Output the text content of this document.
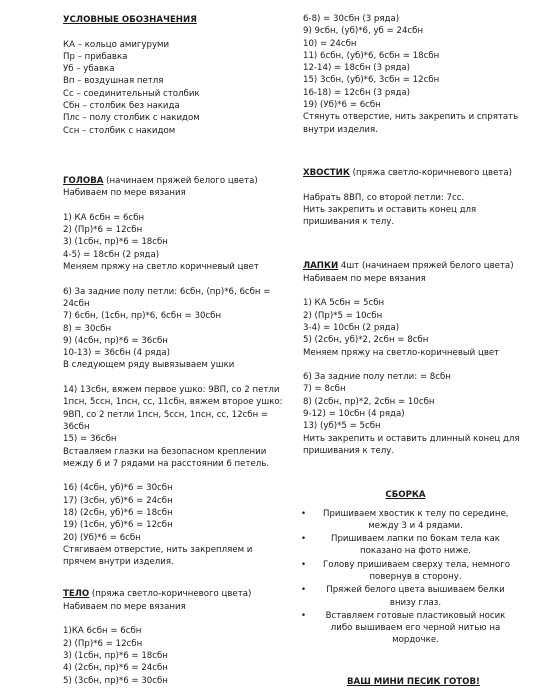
УСЛОВНЫЕ ОБОЗНАЧЕНИЯ
КА – кольцо амигуруми
Пр – прибавка
Уб – убавка
Вп – воздушная петля
Сс – соединительный столбик
Сбн – столбик без накида
Плс – полу столбик с накидом
Ссн – столбик с накидом
ГОЛОВА (начинаем пряжей белого цвета)
Набиваем по мере вязания
1) КА 6сбн = 6сбн
2) (Пр)*6 = 12сбн
3) (1сбн, пр)*6 = 18сбн
4-5) = 18сбн (2 ряда)
Меняем пряжу на светло коричневый цвет
6) За задние полу петли: 6сбн, (пр)*6, 6сбн =
24сбн
7) 6сбн, (1сбн, пр)*6, 6сбн = 30сбн
8) = 30сбн
9) (4сбн, пр)*6 = 36сбн
10-13) = 36сбн (4 ряда)
В следующем ряду вывязываем ушки
14) 13сбн, вяжем первое ушко: 9ВП, со 2 петли
1псн, 5ссн, 1псн, сс, 11сбн, вяжем второе ушко:
9ВП, со 2 петли 1псн, 5ссн, 1псн, сс, 12сбн =
36сбн
15) = 36сбн
Вставляем глазки на безопасном креплении
между 6 и 7 рядами на расстоянии 6 петель.
16) (4сбн, уб)*6 = 30сбн
17) (3сбн, уб)*6 = 24сбн
18) (2сбн, уб)*6 = 18сбн
19) (1сбн, уб)*6 = 12сбн
20) (Уб)*6 = 6сбн
Стягиваем отверстие, нить закрепляем и
прячем внутри изделия.
ТЕЛО (пряжа светло-коричневого цвета)
Набиваем по мере вязания
1)КА 6сбн = 6сбн
2) (Пр)*6 = 12сбн
3) (1сбн, пр)*6 = 18сбн
4) (2сбн, пр)*6 = 24сбн
5) (3сбн, пр)*6 = 30сбн
6-8) = 30сбн (3 ряда)
9) 9сбн, (уб)*6, уб = 24сбн
10) = 24сбн
11) 6сбн, (уб)*6, 6сбн = 18сбн
12-14) = 18сбн (3 ряда)
15) 3сбн, (уб)*6, 3сбн = 12сбн
16-18) = 12сбн (3 ряда)
19) (Уб)*6 = 6сбн
Стянуть отверстие, нить закрепить и спрятать
внутри изделия.
ХВОСТИК (пряжа светло-коричневого цвета)
Набрать 8ВП, со второй петли: 7сс.
Нить закрепить и оставить конец для
пришивания к телу.
ЛАПКИ 4шт (начинаем пряжей белого цвета)
Набиваем по мере вязания
1) КА 5сбн = 5сбн
2) (Пр)*5 = 10сбн
3-4) = 10сбн (2 ряда)
5) (2сбн, уб)*2, 2сбн = 8сбн
Меняем пряжу на светло-коричневый цвет
6) За задние полу петли: = 8сбн
7) = 8сбн
8) (2сбн, пр)*2, 2сбн = 10сбн
9-12) = 10сбн (4 ряда)
13) (уб)*5 = 5сбн
Нить закрепить и оставить длинный конец для
пришивания к телу.
СБОРКА
• Пришиваем хвостик к телу по середине,
между 3 и 4 рядами.
• Пришиваем лапки по бокам тела как
показано на фото ниже.
• Голову пришиваем сверху тела, немного
повернув в сторону.
• Пряжей белого цвета вышиваем белки
внизу глаз.
• Вставляем готовые пластиковый носик
либо вышиваем его черной нитью на
мордочке.
ВАШ МИНИ ПЕСИК ГОТОВ!
